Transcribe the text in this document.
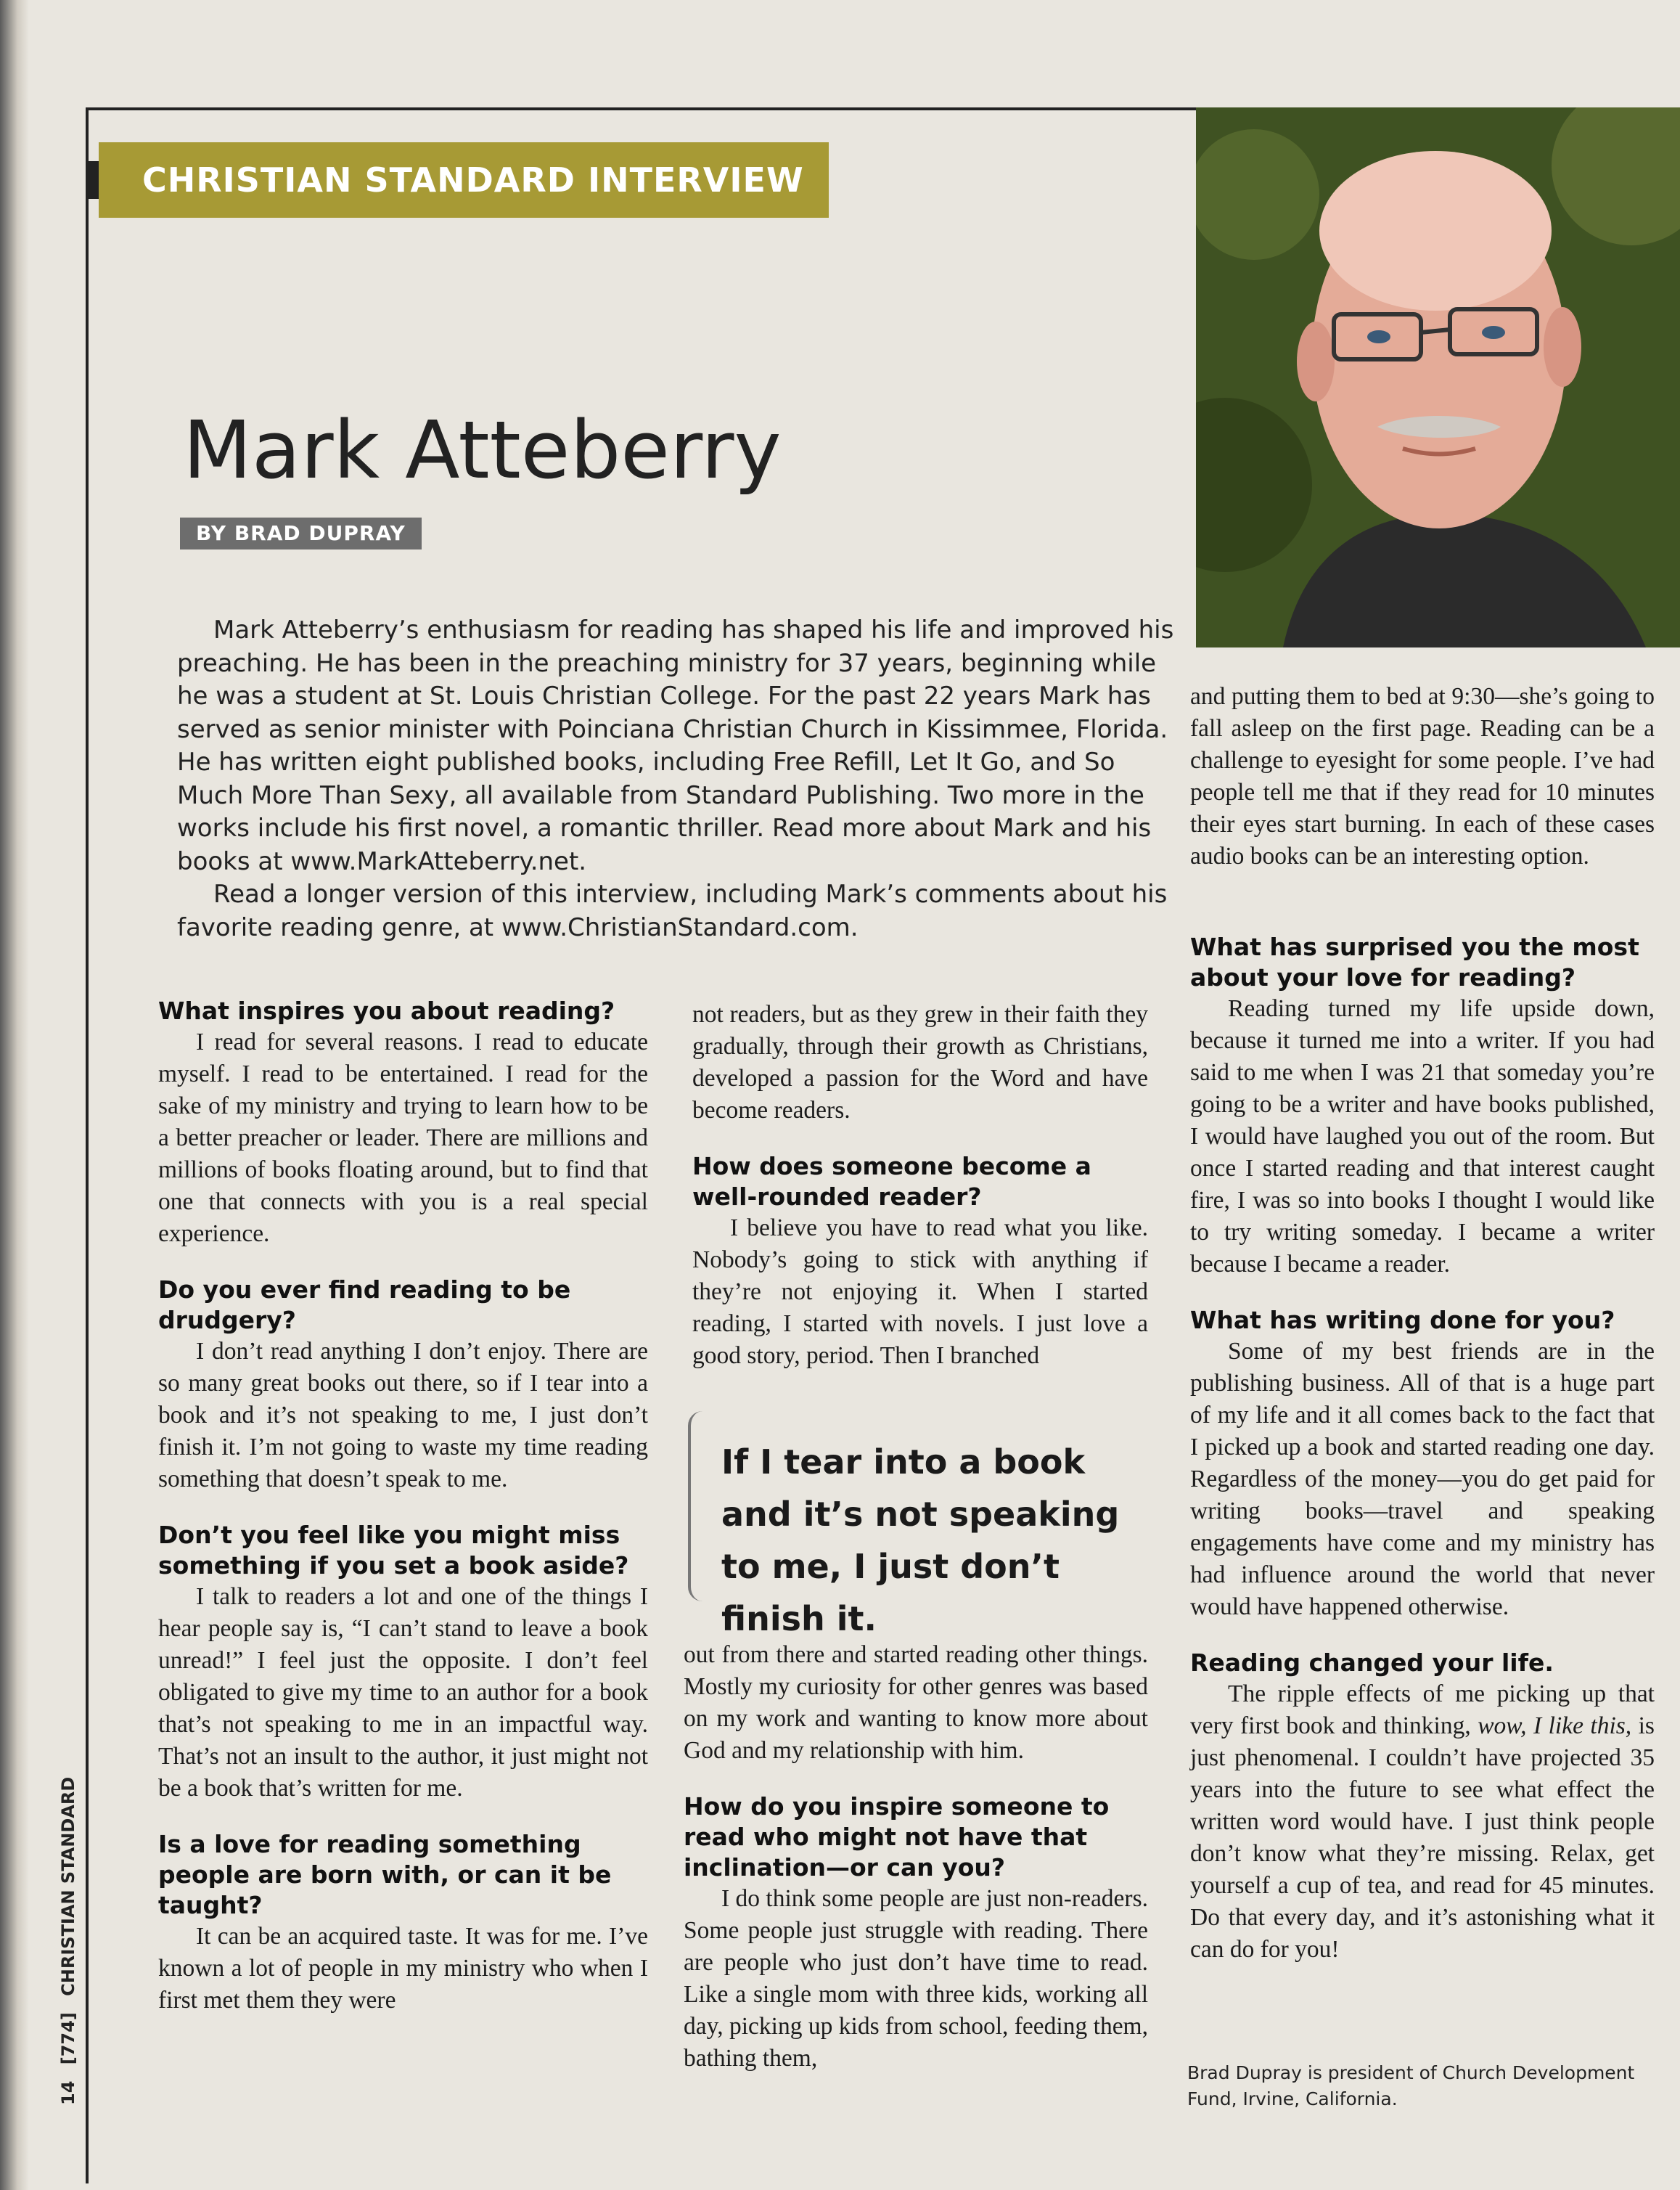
CHRISTIAN STANDARD INTERVIEW
Mark Atteberry
BY BRAD DUPRAY

Mark Atteberry’s enthusiasm for reading has shaped his life and improved his preaching. He has been in the preaching ministry for 37 years, beginning while he was a student at St. Louis Christian College. For the past 22 years Mark has served as senior minister with Poinciana Christian Church in Kissimmee, Florida. He has written eight published books, including Free Refill, Let It Go, and So Much More Than Sexy, all available from Standard Publishing. Two more in the works include his first novel, a romantic thriller. Read more about Mark and his books at www.MarkAtteberry.net.

Read a longer version of this interview, including Mark’s comments about his favorite reading genre, at www.ChristianStandard.com.

What inspires you about reading?

I read for several reasons. I read to educate myself. I read to be entertained. I read for the sake of my ministry and trying to learn how to be a better preacher or leader. There are millions and millions of books floating around, but to find that one that connects with you is a real special experience.

Do you ever find reading to be drudgery?

I don’t read anything I don’t enjoy. There are so many great books out there, so if I tear into a book and it’s not speaking to me, I just don’t finish it. I’m not going to waste my time reading something that doesn’t speak to me.

Don’t you feel like you might miss something if you set a book aside?

I talk to readers a lot and one of the things I hear people say is, “I can’t stand to leave a book unread!” I feel just the opposite. I don’t feel obligated to give my time to an author for a book that’s not speaking to me in an impactful way. That’s not an insult to the author, it just might not be a book that’s written for me.

Is a love for reading something people are born with, or can it be taught?

It can be an acquired taste. It was for me. I’ve known a lot of people in my ministry who when I first met them they were

not readers, but as they grew in their faith they gradually, through their growth as Christians, developed a passion for the Word and have become readers.

How does someone become a well-rounded reader?

I believe you have to read what you like. Nobody’s going to stick with anything if they’re not enjoying it. When I started reading, I started with novels. I just love a good story, period. Then I branched

If I tear into a book and it’s not speaking to me, I just don’t finish it.

out from there and started reading other things. Mostly my curiosity for other genres was based on my work and wanting to know more about God and my relationship with him.

How do you inspire someone to read who might not have that inclination—or can you?

I do think some people are just non-readers. Some people just struggle with reading. There are people who just don’t have time to read. Like a single mom with three kids, working all day, picking up kids from school, feeding them, bathing them,

and putting them to bed at 9:30—she’s going to fall asleep on the first page. Reading can be a challenge to eyesight for some people. I’ve had people tell me that if they read for 10 minutes their eyes start burning. In each of these cases audio books can be an interesting option.

What has surprised you the most about your love for reading?

Reading turned my life upside down, because it turned me into a writer. If you had said to me when I was 21 that someday you’re going to be a writer and have books published, I would have laughed you out of the room. But once I started reading and that interest caught fire, I was so into books I thought I would like to try writing someday. I became a writer because I became a reader.

What has writing done for you?

Some of my best friends are in the publishing business. All of that is a huge part of my life and it all comes back to the fact that I picked up a book and started reading one day. Regardless of the money—you do get paid for writing books—travel and speaking engagements have come and my ministry has had influence around the world that never would have happened otherwise.

Reading changed your life.

The ripple effects of me picking up that very first book and thinking, wow, I like this, is just phenomenal. I couldn’t have projected 35 years into the future to see what effect the written word would have. I just think people don’t know what they’re missing. Relax, get yourself a cup of tea, and read for 45 minutes. Do that every day, and it’s astonishing what it can do for you!

Brad Dupray is president of Church Development Fund, Irvine, California.
14 [774] CHRISTIAN STANDARD
